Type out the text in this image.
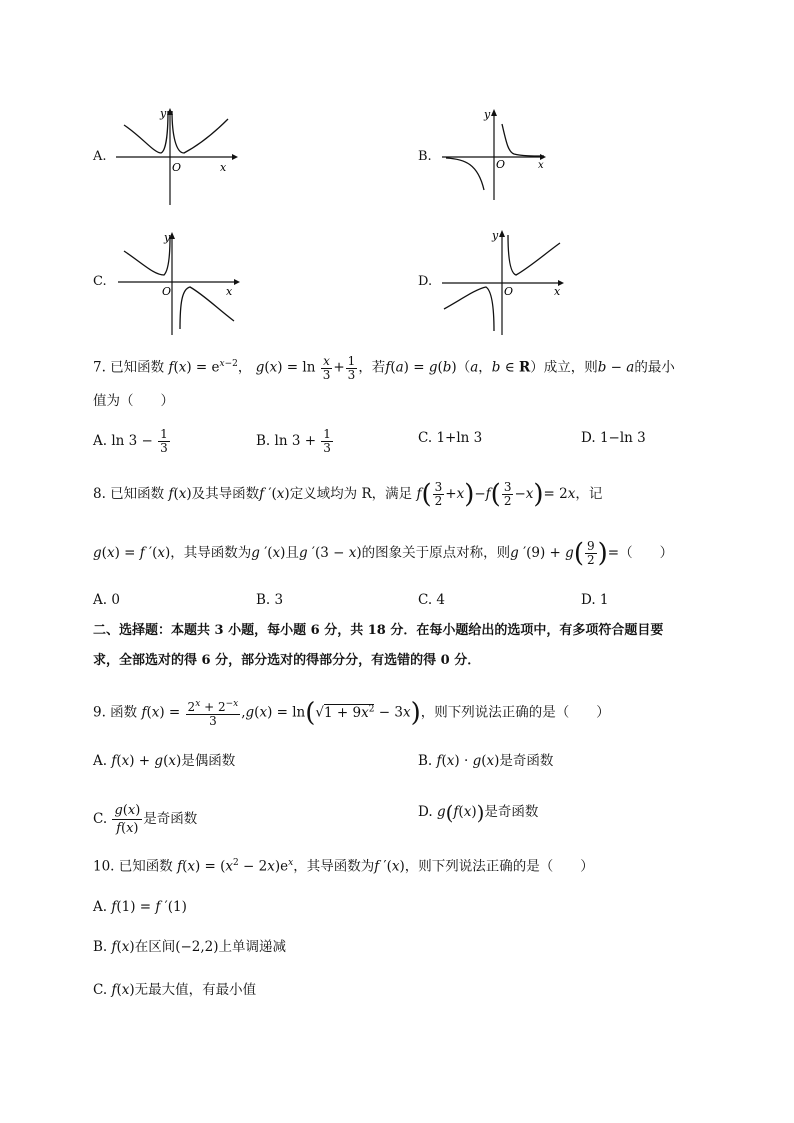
A.
y
x
O
B.
y
x
O
C.
y
x
O
D.
y
x
O
7. 已知函数 $f(x) = e^{x-2}$， $g(x) = \ln \frac{x}{3} + \frac{1}{3}$ ，若f(a) = g(b)（a，b ∈ R）成立，则b − a的最小
值为（　　）
A. $\ln 3 - \frac{1}{3}$	B. $\ln 3 + \frac{1}{3}$	C. 1+ln 3	D. 1−ln 3
8. 已知函数 f(x)及其导函数f ′(x)定义域均为 R，满足 $f( \frac{3}{2} +x)-f( \frac{3}{2} -x)= 2x$，记
g(x) = f ′(x)，其导函数为g ′(x)且g ′(3 − x)的图象关于原点对称，则g $'(9) + g( \frac{9}{2}$ )=（　　）
A. 0	B. 3	C. 4	D. 1
二、选择题：本题共 3 小题，每小题 6 分，共 18 分．在每小题给出的选项中，有多项符合题目要
求，全部选对的得 6 分，部分选对的得部分分，有选错的得 0 分．
9. 函数 $f(x) = \frac{2^x + 2^{-x}}{3} ,g(x) = \ln(√1 + 9x^2 - 3x)$，则下列说法正确的是（　　）
A. f(x) + g(x)是偶函数	B. f(x) · g(x)是奇函数
C. $\frac{g(x)}{f(x)}$ 是奇函数	D. g(f(x))是奇函数
10. 已知函数 $f(x) = (x^2 - 2x)e^x$，其导函数为f ′(x)，则下列说法正确的是（　　）
A. f(1) = f ′(1)
B. f(x)在区间(−2,2)上单调递减
C. f(x)无最大值，有最小值
